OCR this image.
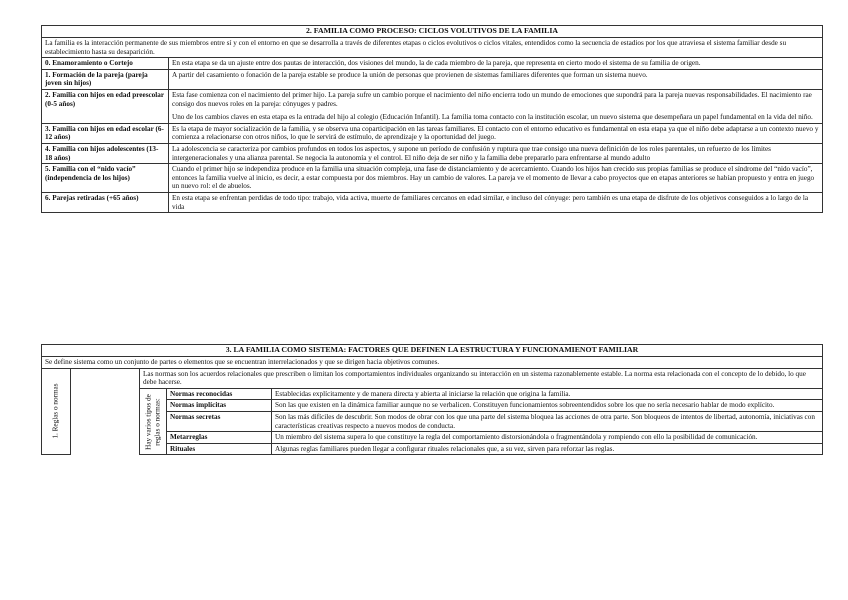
2. FAMILIA COMO PROCESO: CICLOS VOLUTIVOS DE LA FAMILIA	
La familia es la interacción permanente de sus miembros entre sí y con el entorno en que se desarrolla a través de diferentes etapas o ciclos evolutivos o ciclos vitales, entendidos como la secuencia de estadios por los que atraviesa el sistema familiar desde su establecimiento hasta su desaparición.	
0. Enamoramiento o Cortejo	En esta etapa se da un ajuste entre dos pautas de interacción, dos visiones del mundo, la de cada miembro de la pareja, que representa en cierto modo el sistema de su familia de origen.

1. Formación de la pareja (pareja joven sin hijos)	A partir del casamiento o fonación de la pareja estable se produce la unión de personas que provienen de sistemas familiares diferentes que forman un sistema nuevo.

2. Familia con hijos en edad preescolar (0-5 años)	Esta fase comienza con el nacimiento del primer hijo. La pareja sufre un cambio porque el nacimiento del niño encierra todo un mundo de emociones que supondrá para la pareja nuevas responsabilidades. El nacimiento rae consigo dos nuevos roles en la pareja: cónyuges y padres.

Uno de los cambios claves en esta etapa es la entrada del hijo al colegio (Educación Infantil). La familia toma contacto con la institución escolar, un nuevo sistema que desempeñara un papel fundamental en la vida del niño.

3. Familia con hijos en edad escolar (6-12 años)	Es la etapa de mayor socialización de la familia, y se observa una coparticipación en las tareas familiares. El contacto con el entorno educativo es fundamental en esta etapa ya que el niño debe adaptarse a un contexto nuevo y comienza a relacionarse con otros niños, lo que le servirá de estímulo, de aprendizaje y la oportunidad del juego.

4. Familia con hijos adolescentes (13-18 años)	La adolescencia se caracteriza por cambios profundos en todos los aspectos, y supone un período de confusión y ruptura que trae consigo una nueva definición de los roles parentales, un refuerzo de los límites intergeneracionales y una alianza parental. Se negocia la autonomía y el control. El niño deja de ser niño y la familia debe prepararlo para enfrentarse al mundo adulto

5. Familia con el “nido vacío” (independencia de los hijos)	Cuando el primer hijo se independiza produce en la familia una situación compleja, una fase de distanciamiento y de acercamiento. Cuando los hijos han crecido sus propias familias se produce el síndrome del “nido vacío”, entonces la familia vuelve al inicio, es decir, a estar compuesta por dos miembros. Hay un cambio de valores. La pareja ve el momento de llevar a cabo proyectos que en etapas anteriores se habían propuesto y entra en juego un nuevo rol: el de abuelos.

6. Parejas retiradas (+65 años)	En esta etapa se enfrentan perdidas de todo tipo: trabajo, vida activa, muerte de familiares cercanos en edad similar, e incluso del cónyuge: pero también es una etapa de disfrute de los objetivos conseguidos a lo largo de la vida

3. LA FAMILIA COMO SISTEMA: FACTORES QUE DEFINEN LA ESTRUCTURA Y FUNCIONAMIENOT FAMILIAR				
Se define sistema como un conjunto de partes o elementos que se encuentran interrelacionados y que se dirigen hacia objetivos comunes.				

1. Reglas o normas		Las normas son los acuerdos relacionales que prescriben o limitan los comportamientos individuales organizando su interacción en un sistema razonablemente estable. La norma esta relacionada con el concepto de lo debido, lo que debe hacerse.		

		Hay varios tipos de
reglas o normas:	Normas reconocidas	Establecidas explícitamente y de manera directa y abierta al iniciarse la relación que origina la familia.
			Normas implícitas	Son las que existen en la dinámica familiar aunque no se verbalicen. Constituyen funcionamientos sobreentendidos sobre los que no sería necesario hablar de modo explícito.
			Normas secretas	Son las más difíciles de descubrir. Son modos de obrar con los que una parte del sistema bloquea las acciones de otra parte. Son bloqueos de intentos de libertad, autonomía, iniciativas con características creativas respecto a nuevos modos de conducta.
			Metarreglas	Un miembro del sistema supera lo que constituye la regla del comportamiento distorsionándola o fragmentándola y rompiendo con ello la posibilidad de comunicación.
			Rituales	Algunas reglas familiares pueden llegar a configurar rituales relacionales que, a su vez, sirven para reforzar las reglas.
